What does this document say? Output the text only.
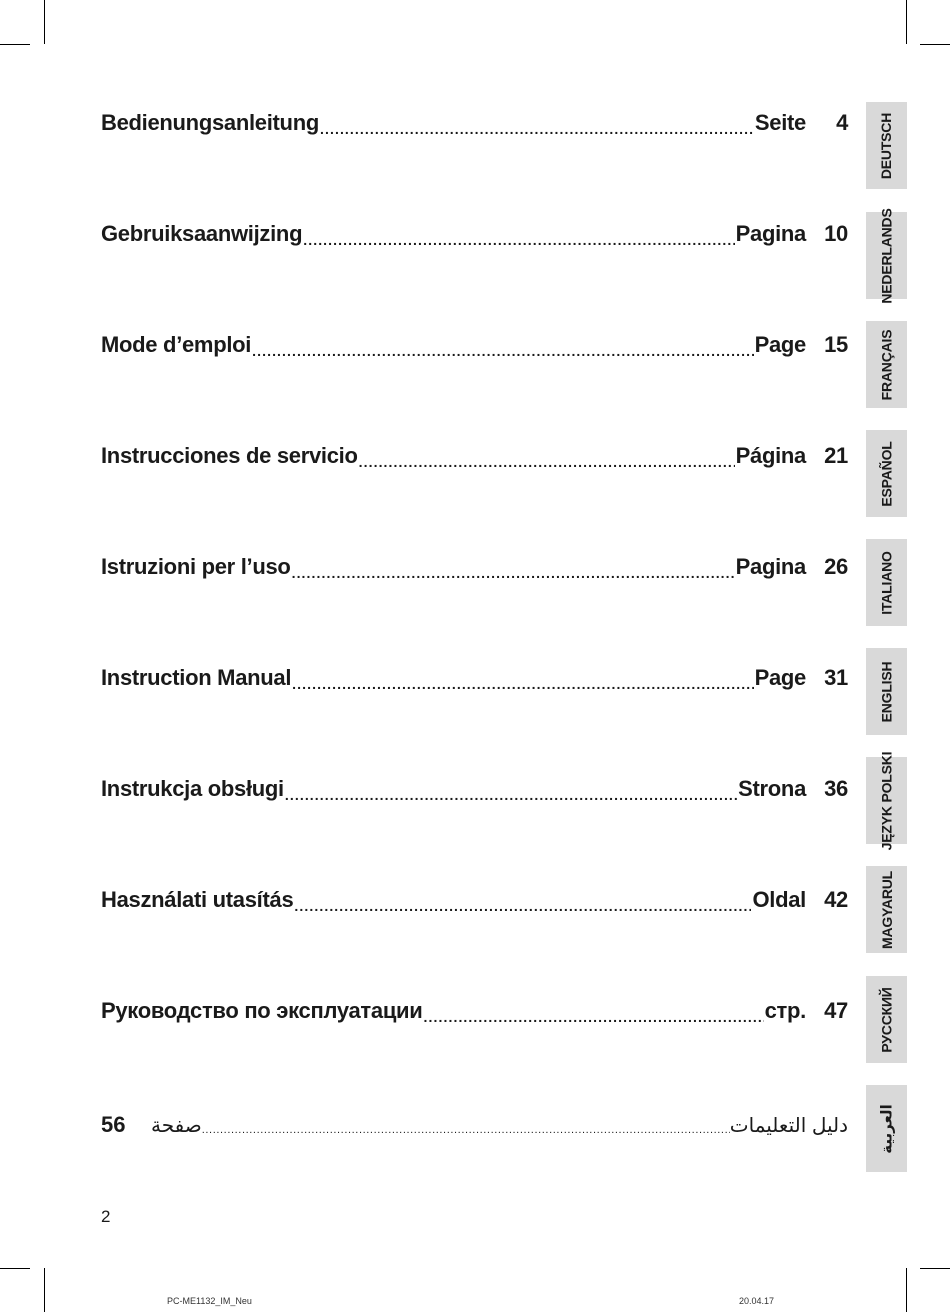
Bedienungsanleitung .....	Seite	4
Gebruiksaanwijzing .....	Pagina 10
Mode d’emploi .....	Page 15
Instrucciones de servicio .....	Página 21
Istruzioni per l’uso .....	Pagina 26
Instruction Manual .....	Page 31
Instrukcja obsługi .....	Strona 36
Használati utasítás .....	Oldal 42
Руководство по эксплуатации .....	стр. 47
56	صفحة .....	دليل التعليمات
DEUTSCH
NEDERLANDS
FRANÇAIS
ESPAÑOL
ITALIANO
ENGLISH
JĘZYK POLSKI
MAGYARUL
РУССКИЙ
العربية
2
PC-ME1132_IM_Neu	20.04.17
